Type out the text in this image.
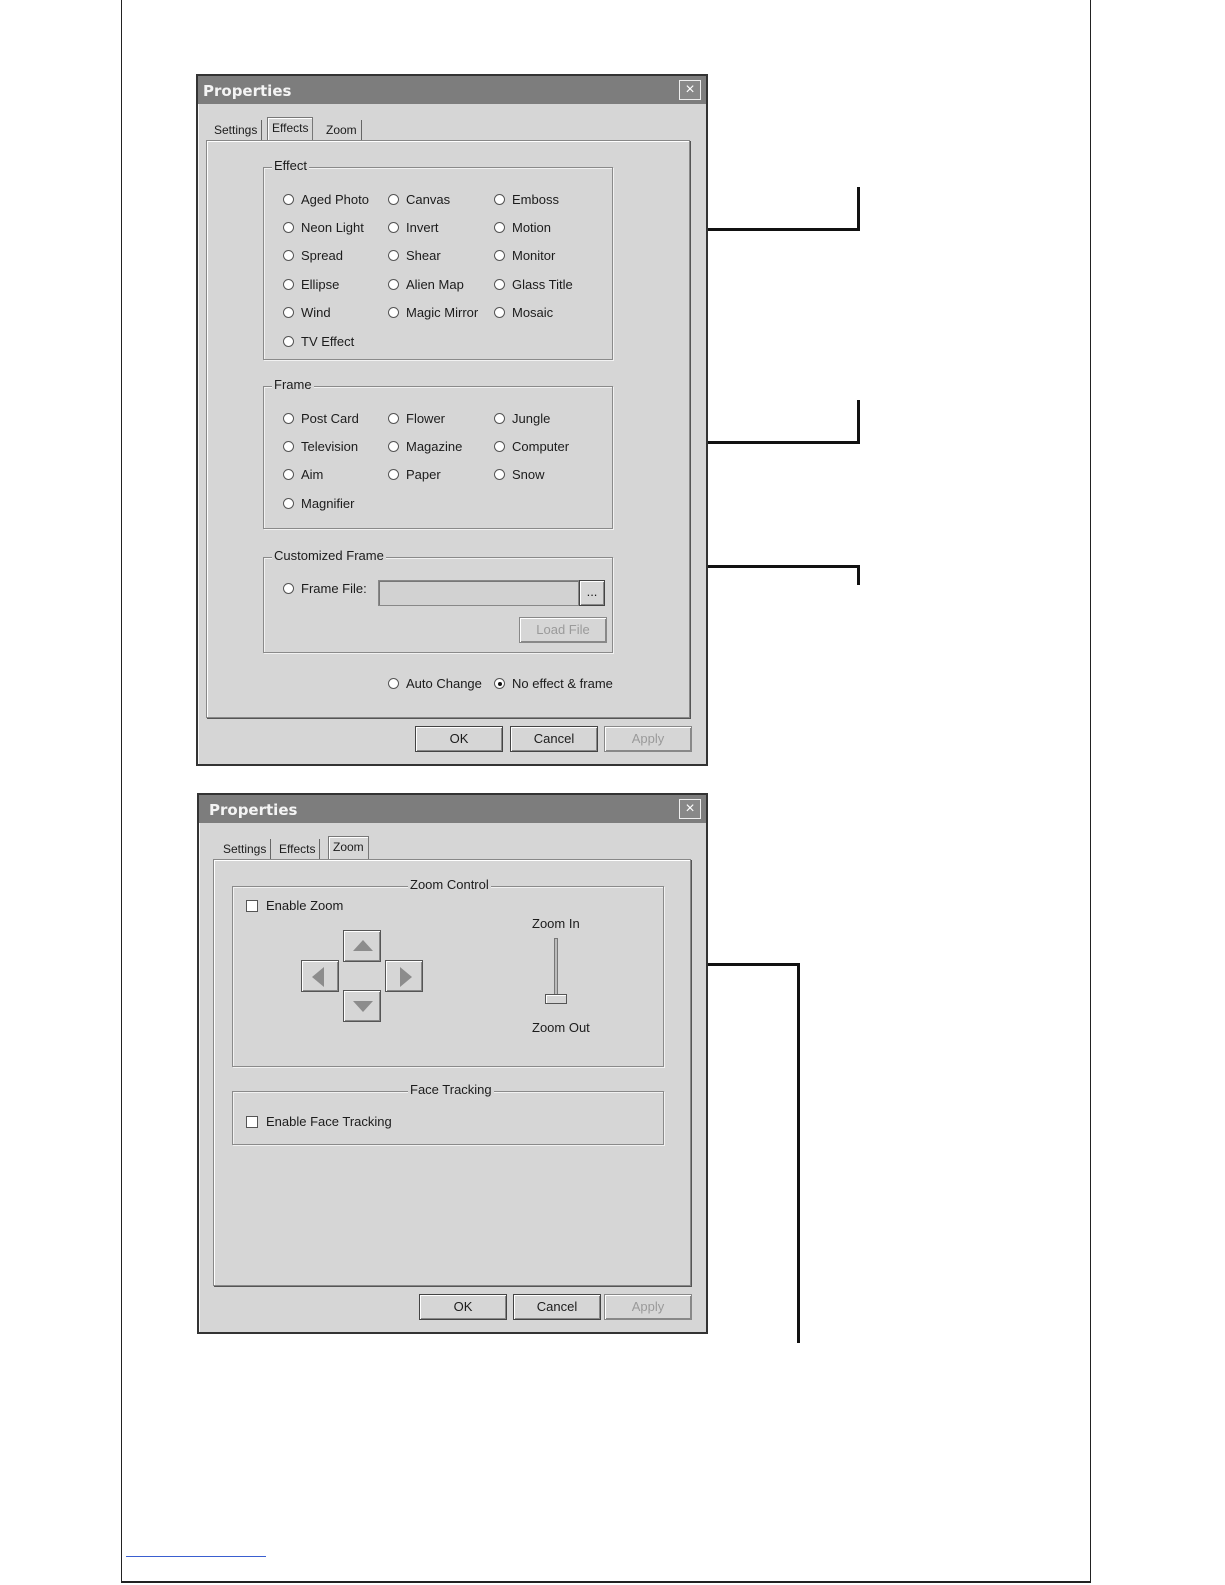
Properties	×
Settings	Effects	Zoom
Effect
Aged Photo	Canvas	Emboss
Neon Light	Invert	Motion
Spread	Shear	Monitor
Ellipse	Alien Map	Glass Title
Wind	Magic Mirror	Mosaic
TV Effect
Frame
Post Card	Flower	Jungle
Television	Magazine	Computer
Aim	Paper	Snow
Magnifier
Customized Frame
Frame File:	...
Load File
Auto Change	No effect & frame
OK	Cancel	Apply
Properties	×
Settings	Effects	Zoom
Zoom Control
Enable Zoom
Zoom In
Zoom Out
Face Tracking
Enable Face Tracking
OK	Cancel	Apply
